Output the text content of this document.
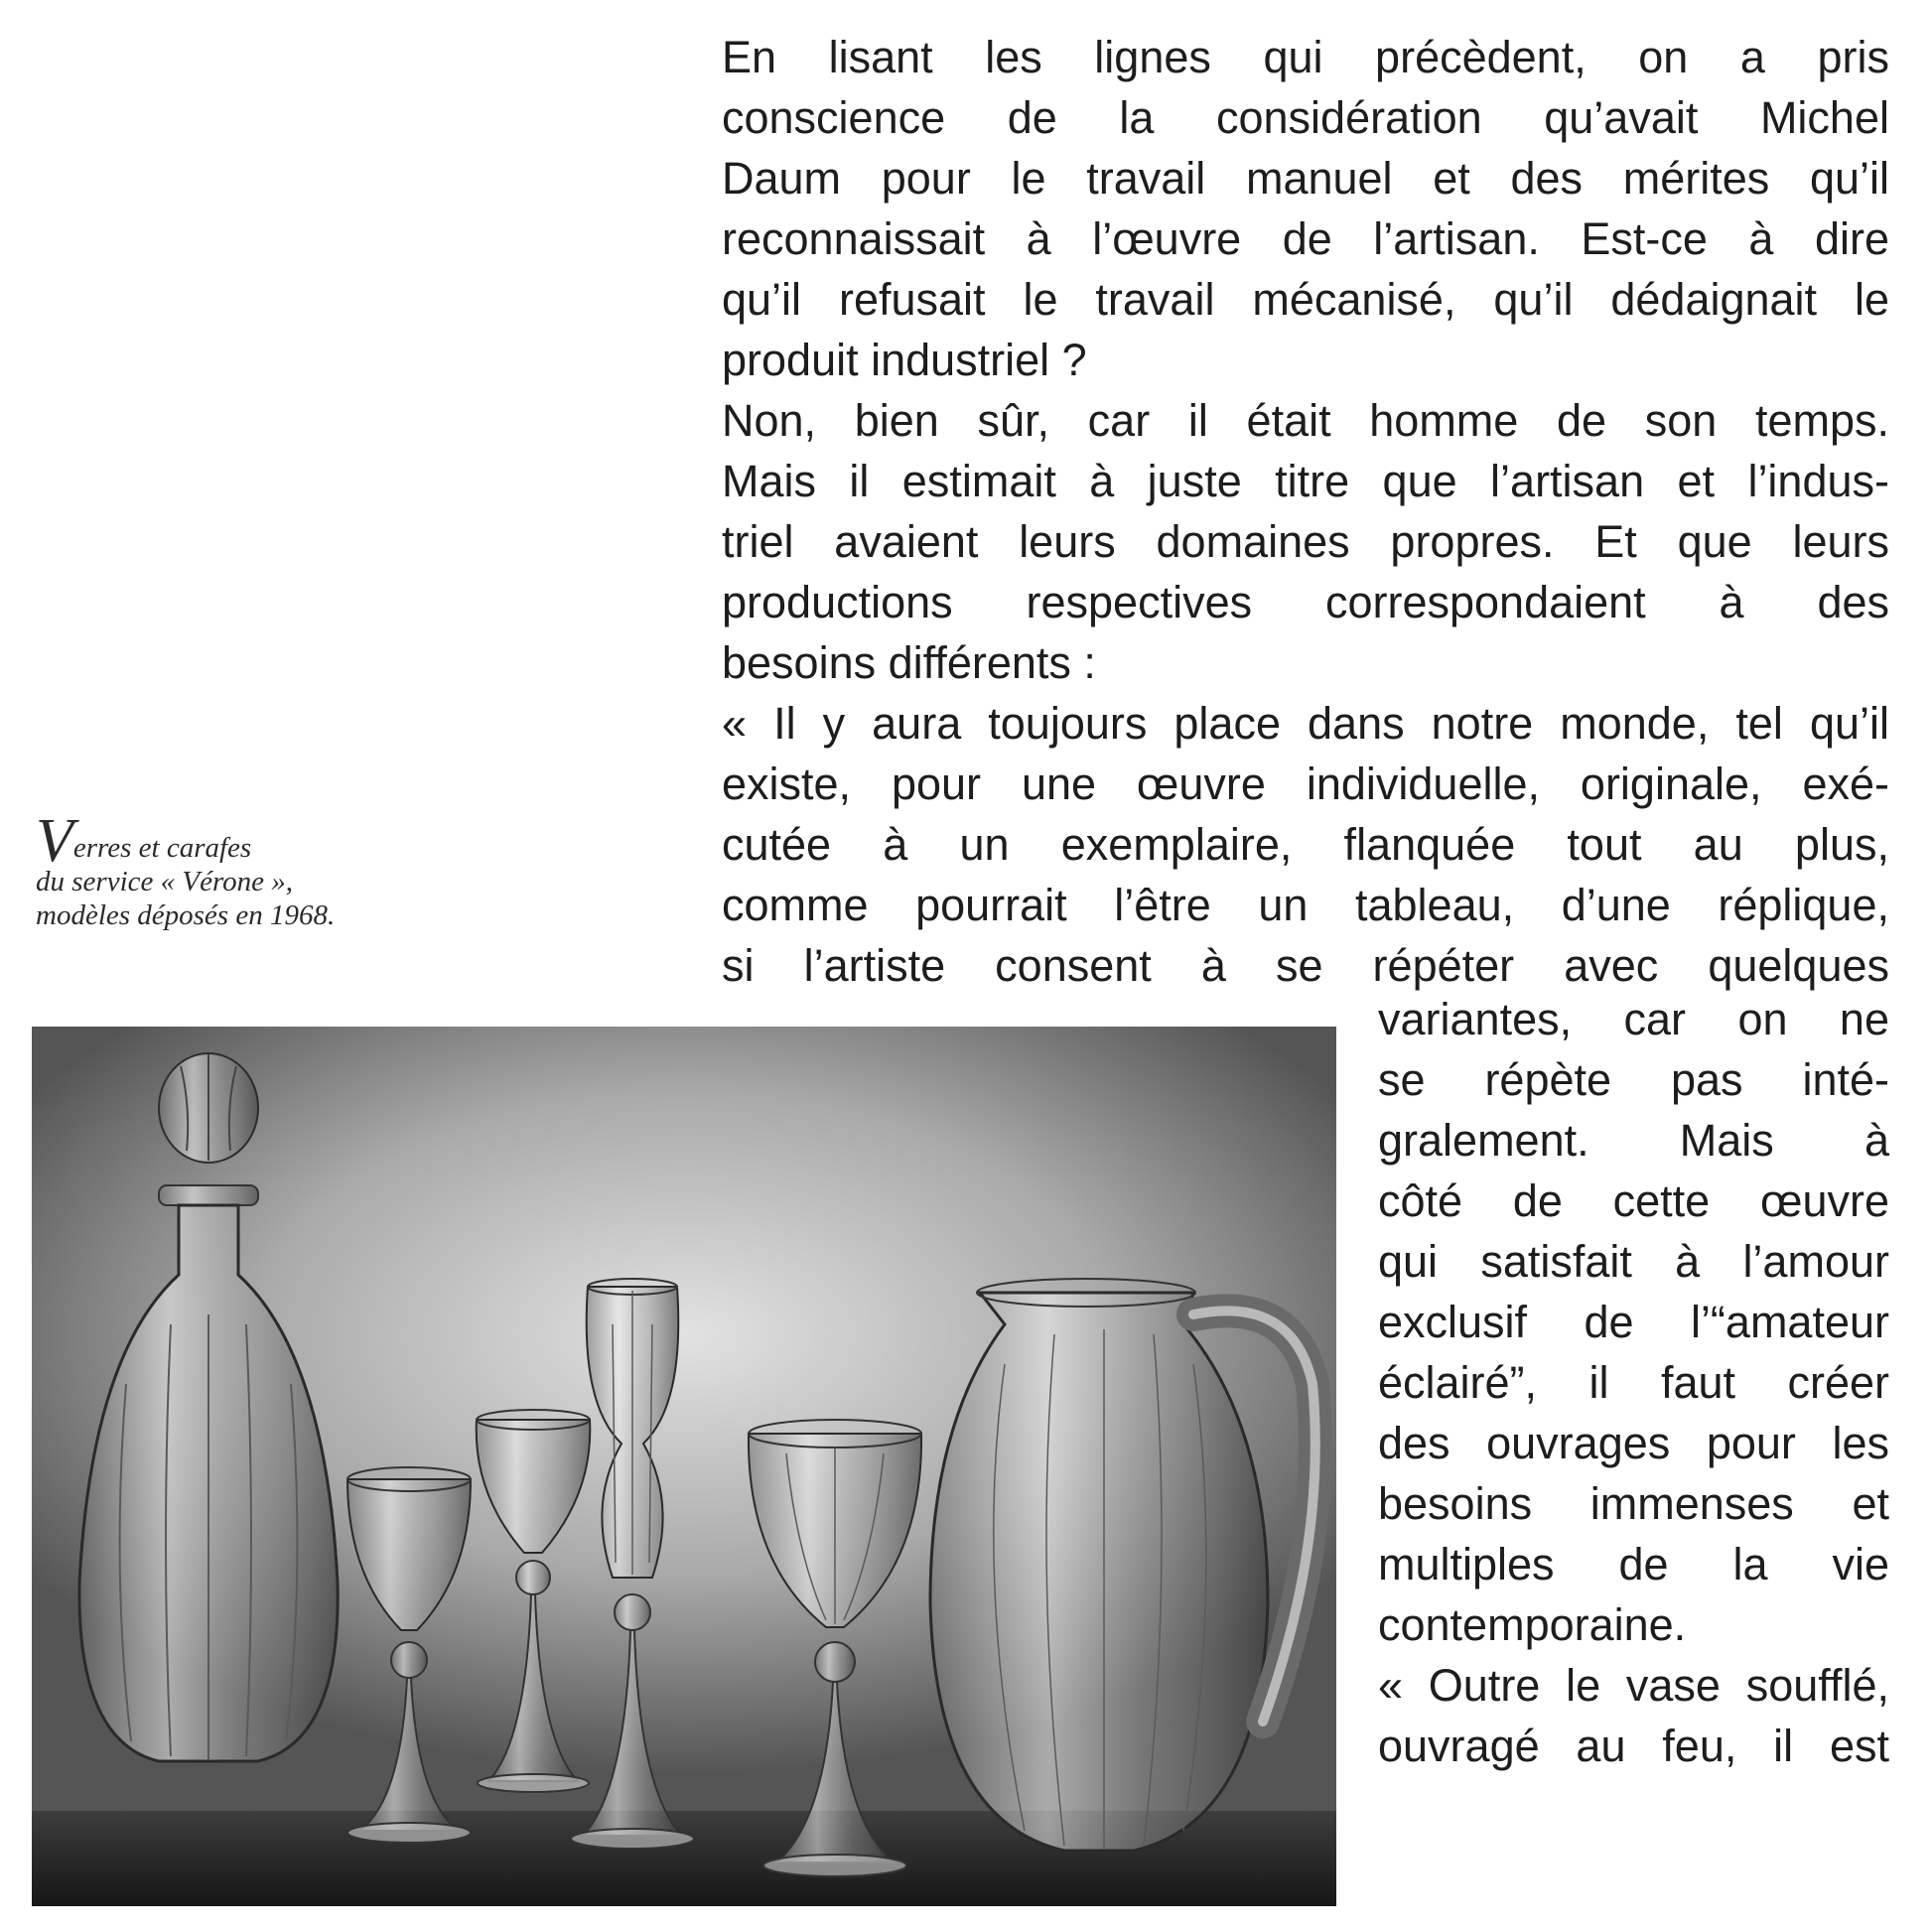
En lisant les lignes qui précèdent, on a pris
conscience de la considération qu’avait Michel
Daum pour le travail manuel et des mérites qu’il
reconnaissait à l’œuvre de l’artisan. Est-ce à dire
qu’il refusait le travail mécanisé, qu’il dédaignait le
produit industriel ?
Non, bien sûr, car il était homme de son temps.
Mais il estimait à juste titre que l’artisan et l’indus-
triel avaient leurs domaines propres. Et que leurs
productions respectives correspondaient à des
besoins différents :
« Il y aura toujours place dans notre monde, tel qu’il
existe, pour une œuvre individuelle, originale, exé-
cutée à un exemplaire, flanquée tout au plus,
comme pourrait l’être un tableau, d’une réplique,
si l’artiste consent à se répéter avec quelques
variantes, car on ne
se répète pas inté-
gralement. Mais à
côté de cette œuvre
qui satisfait à l’amour
exclusif de l’“amateur
éclairé”, il faut créer
des ouvrages pour les
besoins immenses et
multiples de la vie
contemporaine.
« Outre le vase soufflé,
ouvragé au feu, il est
Verres et carafes
du service « Vérone »,
modèles déposés en 1968.
